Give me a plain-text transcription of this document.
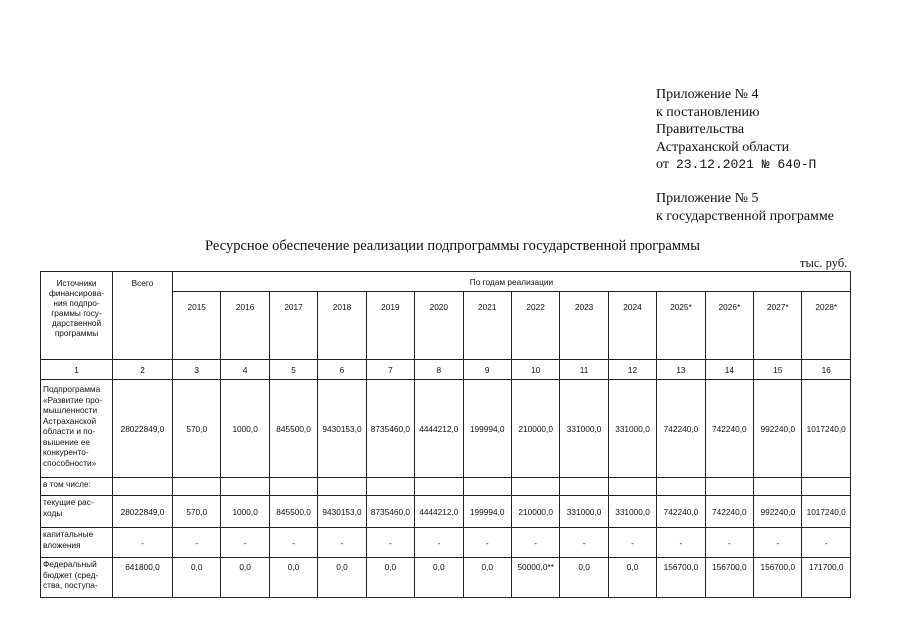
Приложение № 4
к постановлению
Правительства
Астраханской области
от 23.12.2021 № 640-П
Приложение № 5
к государственной программе
Ресурсное обеспечение реализации подпрограммы государственной программы
тыс. руб.
Источники финансирова-ния подпро-граммы госу-дарственной программы	Всего	По годам реализации													
		2015	2016	2017	2018	2019	2020	2021	2022	2023	2024	2025*	2026*	2027*	2028*
1	2	3	4	5	6	7	8	9	10	11	12	13	14	15	16
Подпрограмма «Развитие про-мышленности Астраханской области и по-вышение ее конкуренто-способности»	28022849,0	570,0	1000,0	845500,0	9430153,0	8735460,0	4444212,0	199994,0	210000,0	331000,0	331000,0	742240,0	742240,0	992240,0	1017240,0
в том числе:															
текущие рас-ходы	28022849,0	570,0	1000,0	845500,0	9430153,0	8735460,0	4444212,0	199994,0	210000,0	331000,0	331000,0	742240,0	742240,0	992240,0	1017240,0
капитальные вложения	-	-	-	-	-	-	-	-	-	-	-	-	-	-	-
Федеральный бюджет (сред-ства, поступа-	641800,0	0,0	0,0	0,0	0,0	0,0	0,0	0,0	50000,0**	0,0	0,0	156700,0	156700,0	156700,0	171700,0
